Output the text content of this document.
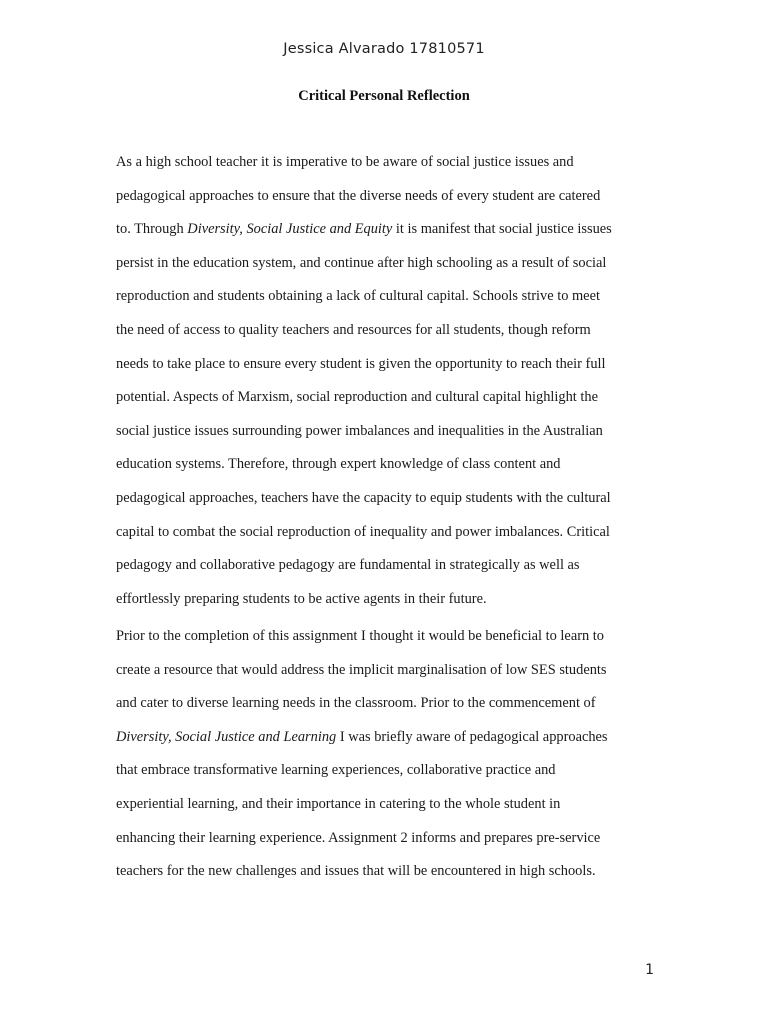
Jessica Alvarado 17810571
Critical Personal Reflection
As a high school teacher it is imperative to be aware of social justice issues and
pedagogical approaches to ensure that the diverse needs of every student are catered
to. Through Diversity, Social Justice and Equity it is manifest that social justice issues
persist in the education system, and continue after high schooling as a result of social
reproduction and students obtaining a lack of cultural capital. Schools strive to meet
the need of access to quality teachers and resources for all students, though reform
needs to take place to ensure every student is given the opportunity to reach their full
potential. Aspects of Marxism, social reproduction and cultural capital highlight the
social justice issues surrounding power imbalances and inequalities in the Australian
education systems. Therefore, through expert knowledge of class content and
pedagogical approaches, teachers have the capacity to equip students with the cultural
capital to combat the social reproduction of inequality and power imbalances. Critical
pedagogy and collaborative pedagogy are fundamental in strategically as well as
effortlessly preparing students to be active agents in their future.
Prior to the completion of this assignment I thought it would be beneficial to learn to
create a resource that would address the implicit marginalisation of low SES students
and cater to diverse learning needs in the classroom. Prior to the commencement of
Diversity, Social Justice and Learning I was briefly aware of pedagogical approaches
that embrace transformative learning experiences, collaborative practice and
experiential learning, and their importance in catering to the whole student in
enhancing their learning experience. Assignment 2 informs and prepares pre-service
teachers for the new challenges and issues that will be encountered in high schools.
1
